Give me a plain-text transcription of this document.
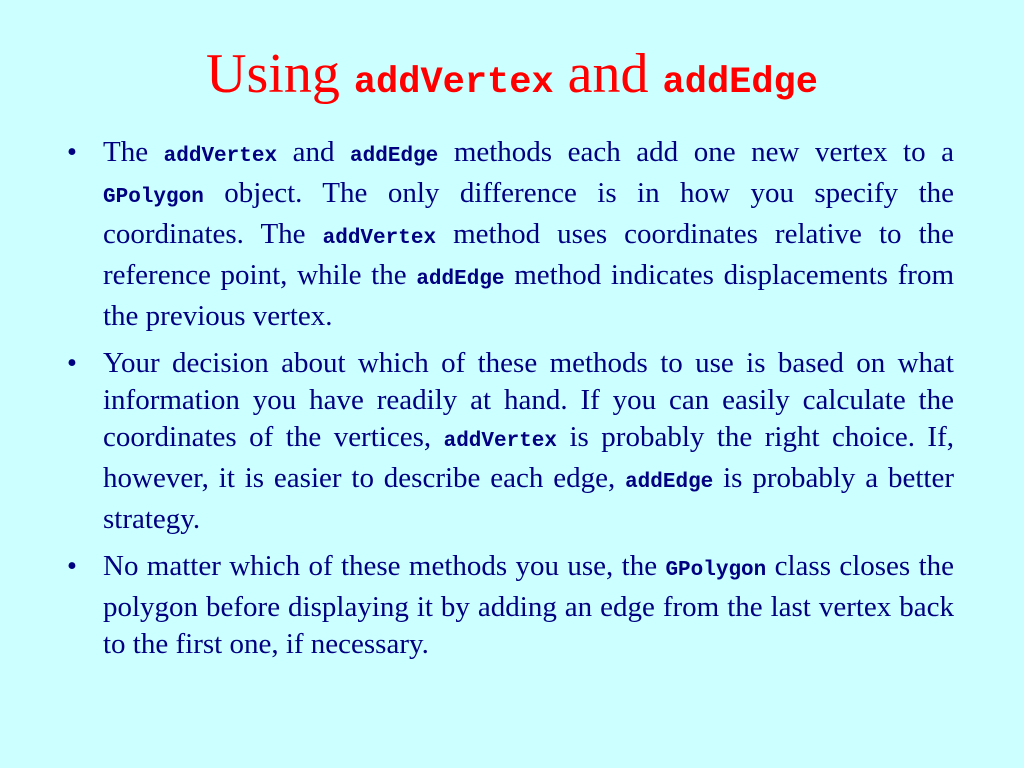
Using addVertex and addEdge
• The addVertex and addEdge methods each add one new vertex to a GPolygon object. The only difference is in how you specify the coordinates. The addVertex method uses coordinates relative to the reference point, while the addEdge method indicates displacements from the previous vertex.
• Your decision about which of these methods to use is based on what information you have readily at hand. If you can easily calculate the coordinates of the vertices, addVertex is probably the right choice. If, however, it is easier to describe each edge, addEdge is probably a better strategy.
• No matter which of these methods you use, the GPolygon class closes the polygon before displaying it by adding an edge from the last vertex back to the first one, if necessary.
